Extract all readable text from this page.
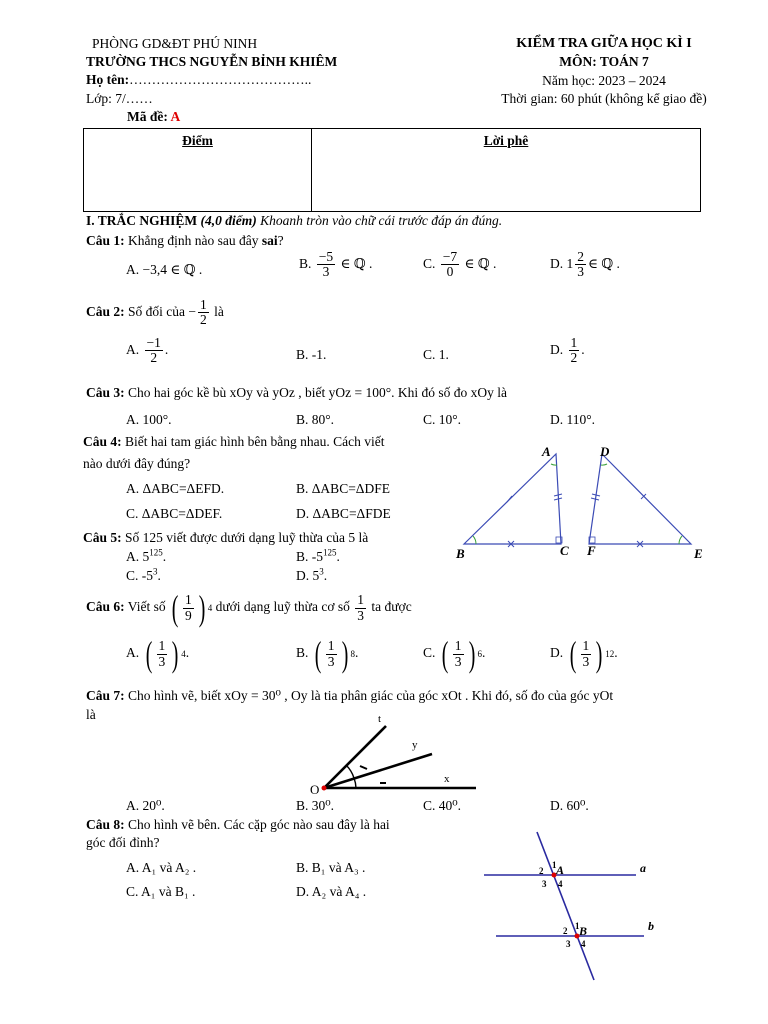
PHÒNG GD&ĐT PHÚ NINH
TRƯỜNG THCS NGUYỄN BỈNH KHIÊM
Họ tên:…………………………………..
Lớp: 7/……
Mã đề: A
KIỂM TRA GIỮA HỌC KÌ I
MÔN: TOÁN 7
Năm học: 2023 – 2024
Thời gian: 60 phút (không kể giao đề)
Điểm	Lời phê
I. TRẮC NGHIỆM (4,0 điểm) Khoanh tròn vào chữ cái trước đáp án đúng.
Câu 1: Khẳng định nào sau đây sai?
A. −3,4 ∈ ℚ .	B. $\frac{-5}{3}$ ∈ ℚ .	C. $\frac{-7}{0}$ ∈ ℚ .	D. $1 \frac{2}{3}$ ∈ ℚ .
Câu 2: Số đối của − $\frac{1}{2}$ là
A. $\frac{-1}{2}$ .	B. -1.	C. 1.	D. $\frac{1}{2}$ .
Câu 3: Cho hai góc kề bù xOy và yOz , biết yOz = 100°. Khi đó số đo xOy là
A. 100°.	B. 80°.	C. 10°.	D. 110°.
Câu 4: Biết hai tam giác hình bên bằng nhau. Cách viết
nào dưới đây đúng?
A. ΔABC=ΔEFD.	B. ΔABC=ΔDFE
C. ΔABC=ΔDEF.	D. ΔABC=ΔFDE
A	D
B	C F	E
Câu 5: Số 125 viết được dưới dạng luỹ thừa của 5 là
A. $5^{125}$.	B. $-5^{125}$.
C. $-5^3$.	D. $5^3$.
Câu 6: Viết số ( $\frac{1}{9}$ ) 4 dưới dạng luỹ thừa cơ số $\frac{1}{3}$ ta được
A. ( $\frac{1}{3}$ ) 4 .	B. ( $\frac{1}{3}$ ) 8 .	C. ( $\frac{1}{3}$ ) 6 .	D. ( $\frac{1}{3}$ ) 12 .
Câu 7: Cho hình vẽ, biết xOy = 30⁰ , Oy là tia phân giác của góc xOt . Khi đó, số đo của góc yOt
là
O
t
y
x
A. 20⁰.	B. 30⁰.	C. 40⁰.	D. 60⁰.
Câu 8: Cho hình vẽ bên. Các cặp góc nào sau đây là hai
góc đối đỉnh?
A. A₁ và A₂ .	B. B₁ và A₃ .
C. A₁ và B₁ .	D. A₂ và A₄ .
a
b
A
B
1
2
3 4
1
2
3 4
